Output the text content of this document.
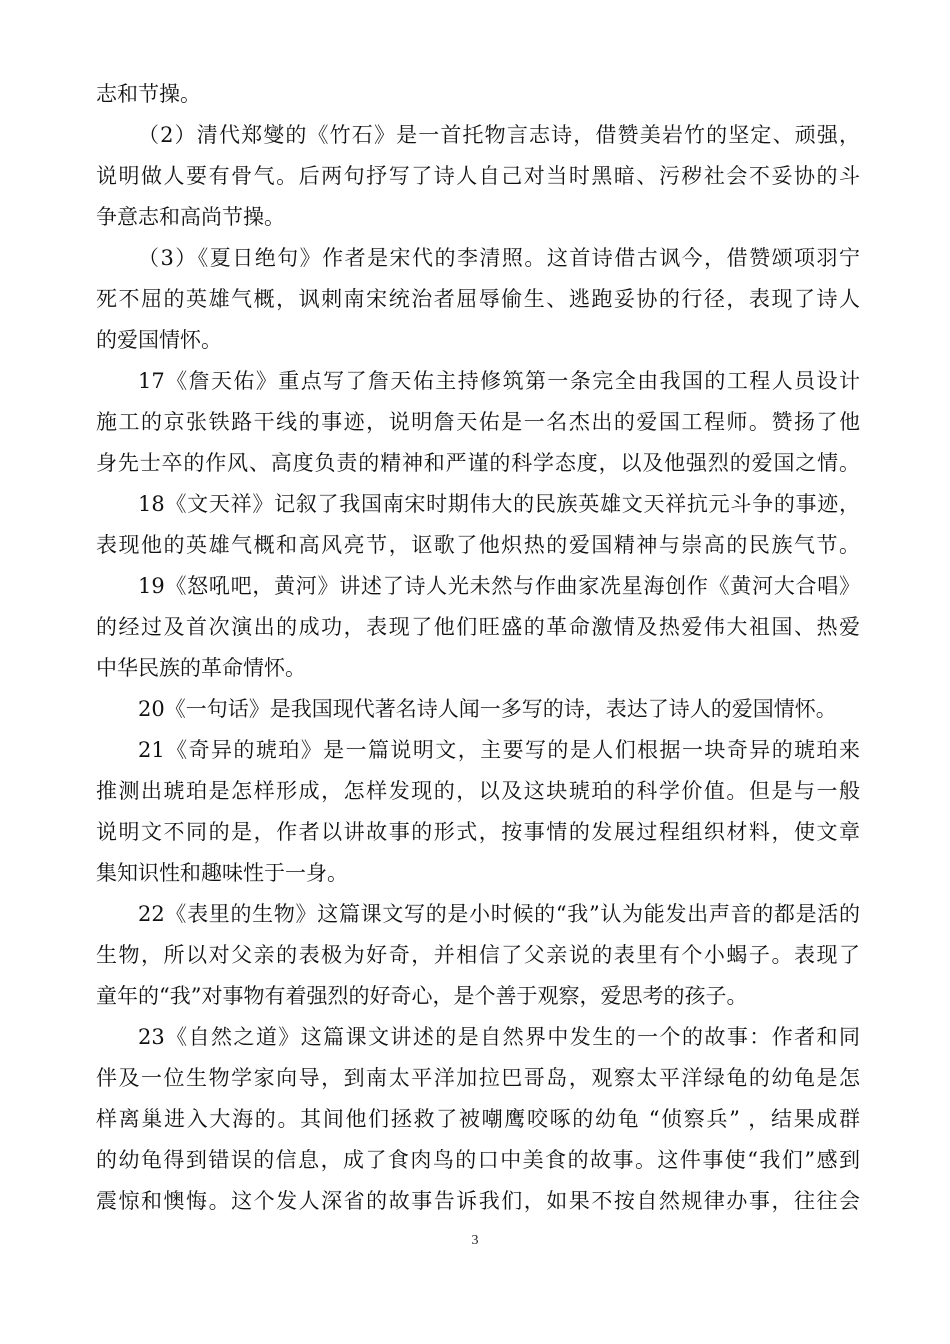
志和节操。
（2）清代郑燮的《竹石》是一首托物言志诗，借赞美岩竹的坚定、顽强，
说明做人要有骨气。后两句抒写了诗人自己对当时黑暗、污秽社会不妥协的斗
争意志和高尚节操。
（3）《夏日绝句》作者是宋代的李清照。这首诗借古讽今，借赞颂项羽宁
死不屈的英雄气概，讽刺南宋统治者屈辱偷生、逃跑妥协的行径，表现了诗人
的爱国情怀。
17《詹天佑》重点写了詹天佑主持修筑第一条完全由我国的工程人员设计
施工的京张铁路干线的事迹，说明詹天佑是一名杰出的爱国工程师。赞扬了他
身先士卒的作风、高度负责的精神和严谨的科学态度，以及他强烈的爱国之情。
18《文天祥》记叙了我国南宋时期伟大的民族英雄文天祥抗元斗争的事迹，
表现他的英雄气概和高风亮节，讴歌了他炽热的爱国精神与崇高的民族气节。
19《怒吼吧，黄河》讲述了诗人光未然与作曲家冼星海创作《黄河大合唱》
的经过及首次演出的成功，表现了他们旺盛的革命激情及热爱伟大祖国、热爱
中华民族的革命情怀。
20《一句话》是我国现代著名诗人闻一多写的诗，表达了诗人的爱国情怀。
21《奇异的琥珀》是一篇说明文，主要写的是人们根据一块奇异的琥珀来
推测出琥珀是怎样形成，怎样发现的，以及这块琥珀的科学价值。但是与一般
说明文不同的是，作者以讲故事的形式，按事情的发展过程组织材料，使文章
集知识性和趣味性于一身。
22《表里的生物》这篇课文写的是小时候的“我”认为能发出声音的都是活的
生物，所以对父亲的表极为好奇，并相信了父亲说的表里有个小蝎子。表现了
童年的“我”对事物有着强烈的好奇心，是个善于观察，爱思考的孩子。
23《自然之道》这篇课文讲述的是自然界中发生的一个的故事：作者和同
伴及一位生物学家向导，到南太平洋加拉巴哥岛，观察太平洋绿龟的幼龟是怎
样离巢进入大海的。其间他们拯救了被嘲鹰咬啄的幼龟 “侦察兵” ，结果成群
的幼龟得到错误的信息，成了食肉鸟的口中美食的故事。这件事使“我们”感到
震惊和懊悔。这个发人深省的故事告诉我们，如果不按自然规律办事，往往会
3
